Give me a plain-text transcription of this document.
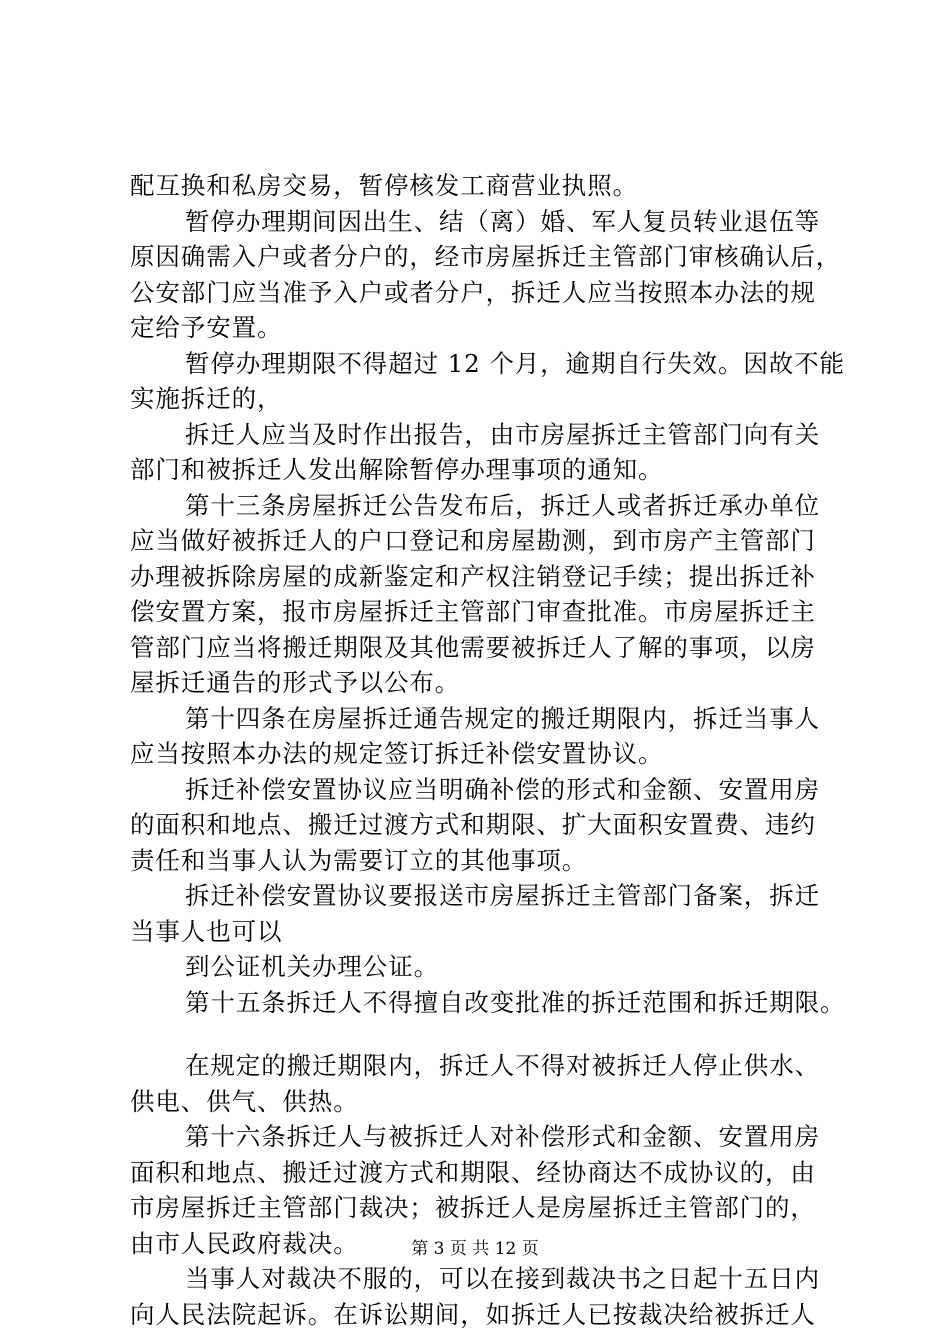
配互换和私房交易，暂停核发工商营业执照。
暂停办理期间因出生、结（离）婚、军人复员转业退伍等
原因确需入户或者分户的，经市房屋拆迁主管部门审核确认后，
公安部门应当准予入户或者分户，拆迁人应当按照本办法的规
定给予安置。
暂停办理期限不得超过 12 个月，逾期自行失效。因故不能
实施拆迁的，
拆迁人应当及时作出报告，由市房屋拆迁主管部门向有关
部门和被拆迁人发出解除暂停办理事项的通知。
第十三条房屋拆迁公告发布后，拆迁人或者拆迁承办单位
应当做好被拆迁人的户口登记和房屋勘测，到市房产主管部门
办理被拆除房屋的成新鉴定和产权注销登记手续；提出拆迁补
偿安置方案，报市房屋拆迁主管部门审查批准。市房屋拆迁主
管部门应当将搬迁期限及其他需要被拆迁人了解的事项，以房
屋拆迁通告的形式予以公布。
第十四条在房屋拆迁通告规定的搬迁期限内，拆迁当事人
应当按照本办法的规定签订拆迁补偿安置协议。
拆迁补偿安置协议应当明确补偿的形式和金额、安置用房
的面积和地点、搬迁过渡方式和期限、扩大面积安置费、违约
责任和当事人认为需要订立的其他事项。
拆迁补偿安置协议要报送市房屋拆迁主管部门备案，拆迁
当事人也可以
到公证机关办理公证。
第十五条拆迁人不得擅自改变批准的拆迁范围和拆迁期限。
在规定的搬迁期限内，拆迁人不得对被拆迁人停止供水、
供电、供气、供热。
第十六条拆迁人与被拆迁人对补偿形式和金额、安置用房
面积和地点、搬迁过渡方式和期限、经协商达不成协议的，由
市房屋拆迁主管部门裁决；被拆迁人是房屋拆迁主管部门的，
由市人民政府裁决。
当事人对裁决不服的，可以在接到裁决书之日起十五日内
向人民法院起诉。在诉讼期间，如拆迁人已按裁决给被拆迁人
第 3 页 共 12 页
